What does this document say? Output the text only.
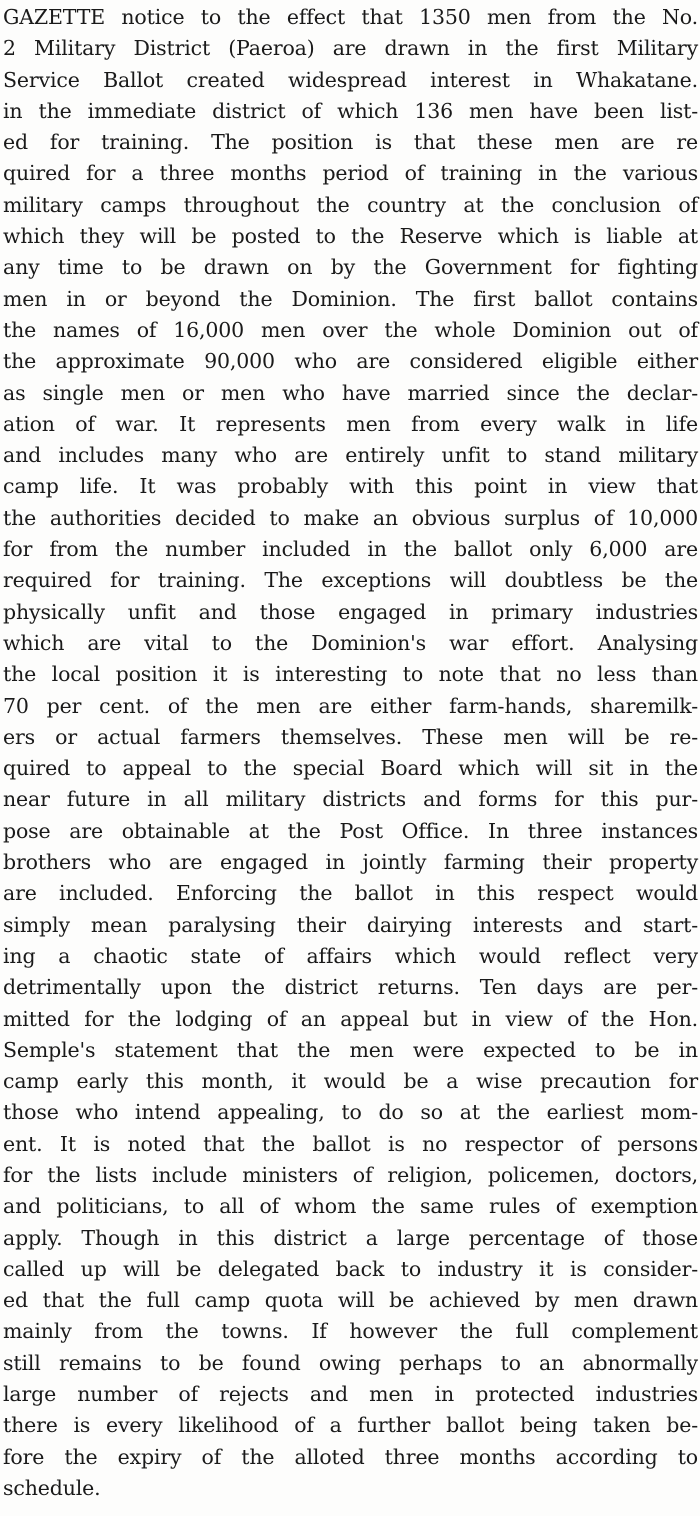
GAZETTE notice to the effect that 1350 men from the No.
2 Military District (Paeroa) are drawn in the first Military
Service Ballot created widespread interest in Whakatane.
in the immediate district of which 136 men have been list-
ed for training. The position is that these men are re
quired for a three months period of training in the various
military camps throughout the country at the conclusion of
which they will be posted to the Reserve which is liable at
any time to be drawn on by the Government for fighting
men in or beyond the Dominion. The first ballot contains
the names of 16,000 men over the whole Dominion out of
the approximate 90,000 who are considered eligible either
as single men or men who have married since the declar-
ation of war. It represents men from every walk in life
and includes many who are entirely unfit to stand military
camp life. It was probably with this point in view that
the authorities decided to make an obvious surplus of 10,000
for from the number included in the ballot only 6,000 are
required for training. The exceptions will doubtless be the
physically unfit and those engaged in primary industries
which are vital to the Dominion's war effort. Analysing
the local position it is interesting to note that no less than
70 per cent. of the men are either farm-hands, sharemilk-
ers or actual farmers themselves. These men will be re-
quired to appeal to the special Board which will sit in the
near future in all military districts and forms for this pur-
pose are obtainable at the Post Office. In three instances
brothers who are engaged in jointly farming their property
are included. Enforcing the ballot in this respect would
simply mean paralysing their dairying interests and start-
ing a chaotic state of affairs which would reflect very
detrimentally upon the district returns. Ten days are per-
mitted for the lodging of an appeal but in view of the Hon.
Semple's statement that the men were expected to be in
camp early this month, it would be a wise precaution for
those who intend appealing, to do so at the earliest mom-
ent. It is noted that the ballot is no respector of persons
for the lists include ministers of religion, policemen, doctors,
and politicians, to all of whom the same rules of exemption
apply. Though in this district a large percentage of those
called up will be delegated back to industry it is consider-
ed that the full camp quota will be achieved by men drawn
mainly from the towns. If however the full complement
still remains to be found owing perhaps to an abnormally
large number of rejects and men in protected industries
there is every likelihood of a further ballot being taken be-
fore the expiry of the alloted three months according to
schedule.
